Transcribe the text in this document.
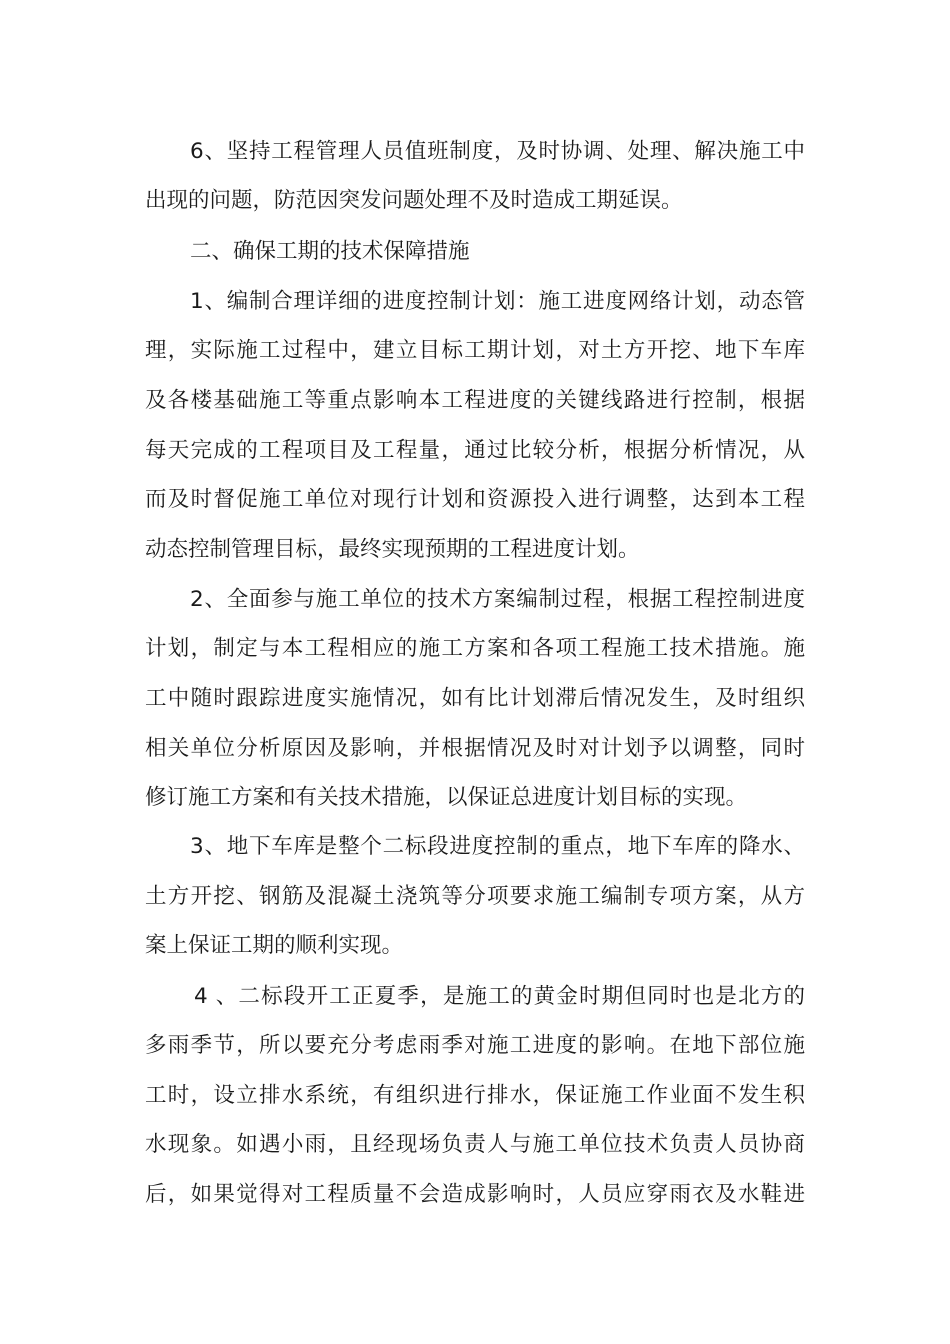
6、坚持工程管理人员值班制度，及时协调、处理、解决施工中
出现的问题，防范因突发问题处理不及时造成工期延误。
二、确保工期的技术保障措施
1、编制合理详细的进度控制计划：施工进度网络计划，动态管
理，实际施工过程中，建立目标工期计划，对土方开挖、地下车库
及各楼基础施工等重点影响本工程进度的关键线路进行控制，根据
每天完成的工程项目及工程量，通过比较分析，根据分析情况，从
而及时督促施工单位对现行计划和资源投入进行调整，达到本工程
动态控制管理目标，最终实现预期的工程进度计划。
2、全面参与施工单位的技术方案编制过程，根据工程控制进度
计划，制定与本工程相应的施工方案和各项工程施工技术措施。施
工中随时跟踪进度实施情况，如有比计划滞后情况发生，及时组织
相关单位分析原因及影响，并根据情况及时对计划予以调整，同时
修订施工方案和有关技术措施，以保证总进度计划目标的实现。
3、地下车库是整个二标段进度控制的重点，地下车库的降水、
土方开挖、钢筋及混凝土浇筑等分项要求施工编制专项方案，从方
案上保证工期的顺利实现。
4 、二标段开工正夏季，是施工的黄金时期但同时也是北方的
多雨季节，所以要充分考虑雨季对施工进度的影响。在地下部位施
工时，设立排水系统，有组织进行排水，保证施工作业面不发生积
水现象。如遇小雨，且经现场负责人与施工单位技术负责人员协商
后，如果觉得对工程质量不会造成影响时，人员应穿雨衣及水鞋进
